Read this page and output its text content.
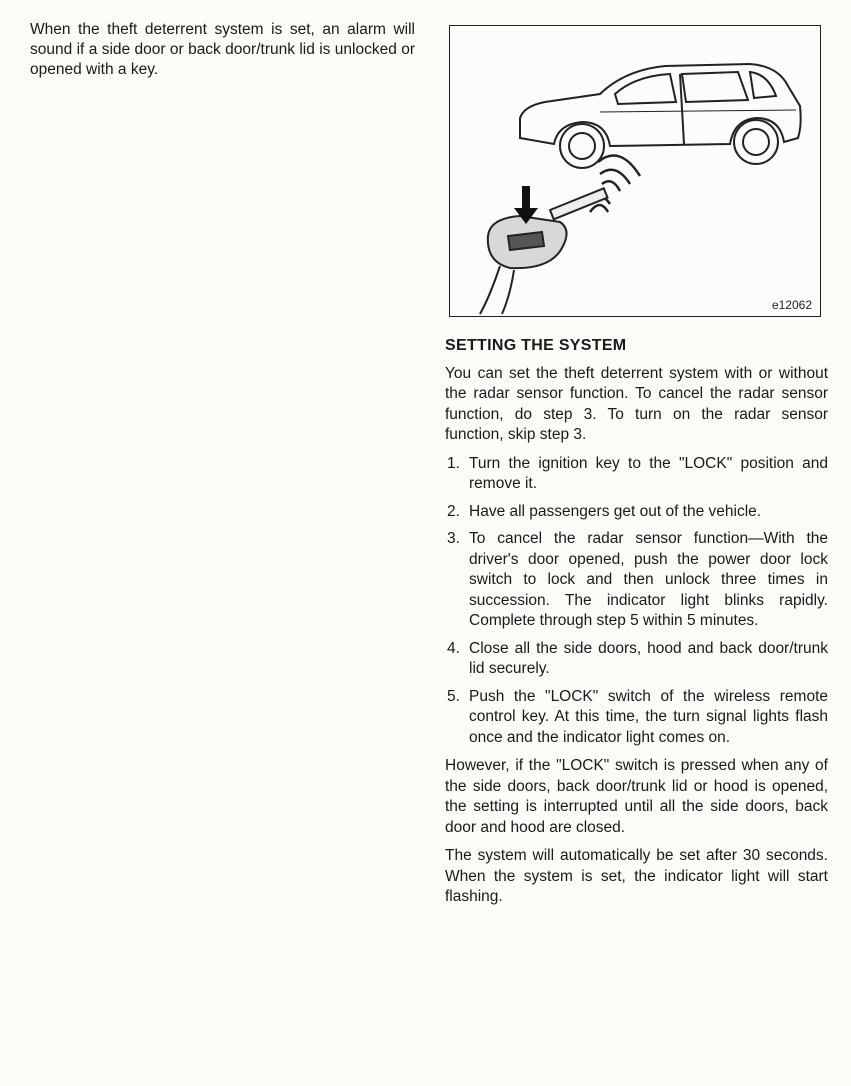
When the theft deterrent system is set, an alarm will sound if a side door or back door/trunk lid is unlocked or opened with a key.

e12062
SETTING THE SYSTEM

You can set the theft deterrent system with or without the radar sensor function. To cancel the radar sensor function, do step 3. To turn on the radar sensor function, skip step 3.

1. Turn the ignition key to the "LOCK" position and remove it.
2. Have all passengers get out of the vehicle.
3. To cancel the radar sensor function—With the driver's door opened, push the power door lock switch to lock and then unlock three times in succession. The indicator light blinks rapidly. Complete through step 5 within 5 minutes.
4. Close all the side doors, hood and back door/trunk lid securely.
5. Push the "LOCK" switch of the wireless remote control key. At this time, the turn signal lights flash once and the indicator light comes on.

However, if the "LOCK" switch is pressed when any of the side doors, back door/trunk lid or hood is opened, the setting is interrupted until all the side doors, back door and hood are closed.

The system will automatically be set after 30 seconds. When the system is set, the indicator light will start flashing.
